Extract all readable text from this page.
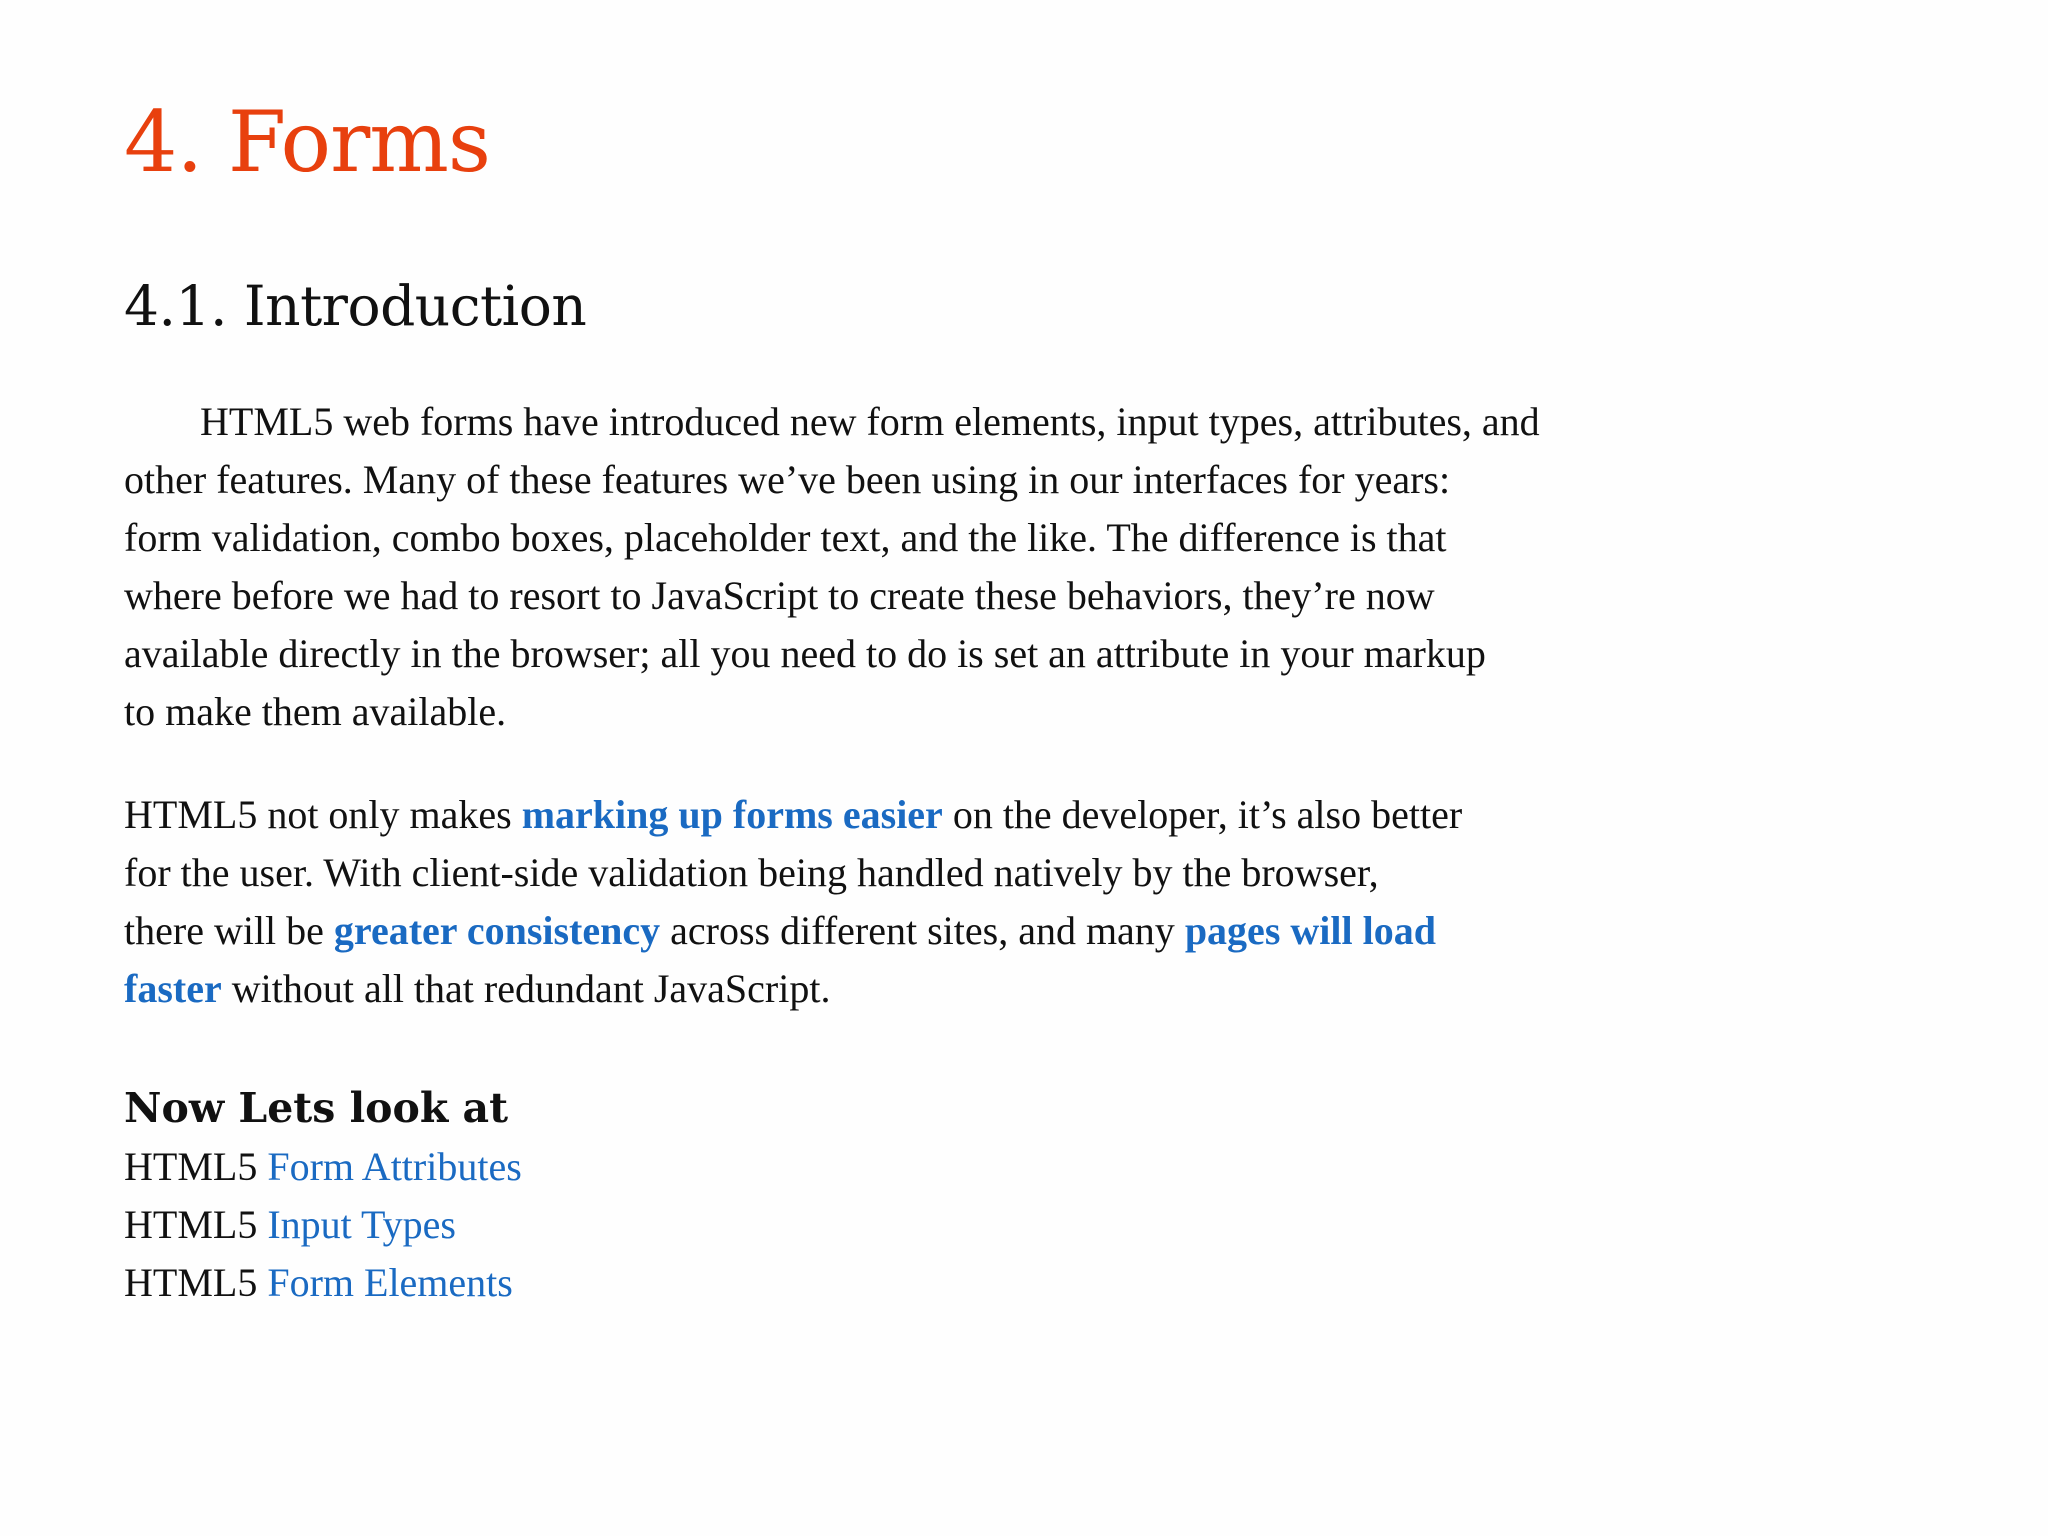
4. Forms
4.1. Introduction

HTML5 web forms have introduced new form elements, input types, attributes, and
other features. Many of these features we’ve been using in our interfaces for years:
form validation, combo boxes, placeholder text, and the like. The difference is that
where before we had to resort to JavaScript to create these behaviors, they’re now
available directly in the browser; all you need to do is set an attribute in your markup
to make them available.

HTML5 not only makes marking up forms easier on the developer, it’s also better
for the user. With client-side validation being handled natively by the browser,
there will be greater consistency across different sites, and many pages will load
faster without all that redundant JavaScript.

Now Lets look at
HTML5 Form Attributes
HTML5 Input Types
HTML5 Form Elements
